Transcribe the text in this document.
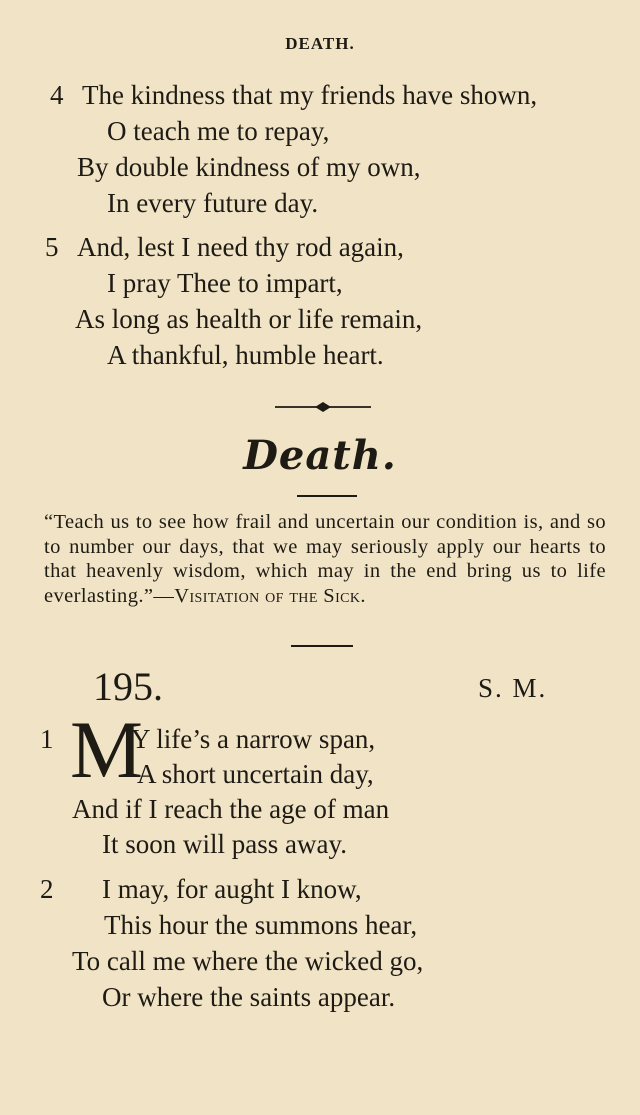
DEATH.
4 The kindness that my friends have shown,
O teach me to repay,
By double kindness of my own,
In every future day.
5 And, lest I need thy rod again,
I pray Thee to impart,
As long as health or life remain,
A thankful, humble heart.
Death.
“Teach us to see how frail and uncertain our condition is, and so to number our days, that we may seriously apply our hearts to that heavenly wisdom, which may in the end bring us to life everlasting.”—Visitation of the Sick.
195.	S. M.
1 M
Y life’s a narrow span,
A short uncertain day,
And if I reach the age of man
It soon will pass away.
2 I may, for aught I know,
This hour the summons hear,
To call me where the wicked go,
Or where the saints appear.
